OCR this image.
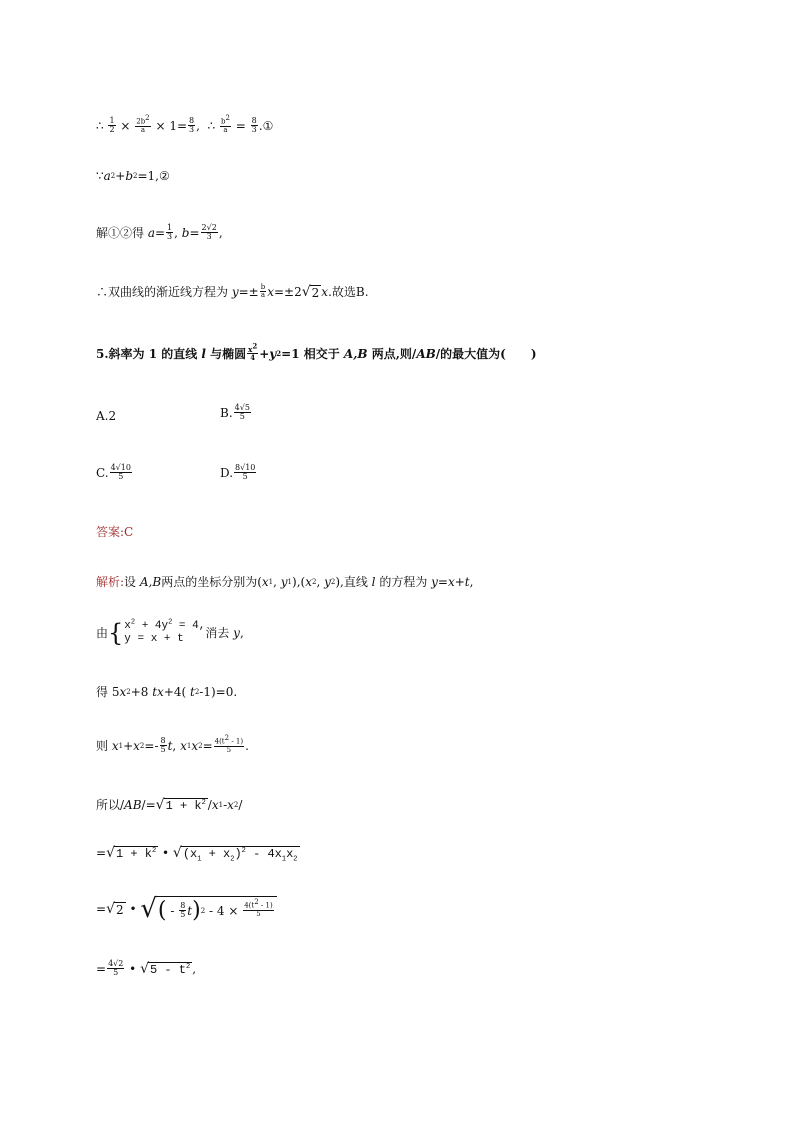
∴ $\frac{1}{2} \times \frac{2b^2}{a} \times 1= \frac{8}{3}$ ,  ∴ $\frac{b^2}{a} = \frac{8}{3}$ .①
∵ a 2 + b 2 =1,②
解①②得 $a = \frac{1}{3}$ , $b = \frac{2√2}{3}$ ,
∴双曲线的渐近线方程为 $y =\pm \frac{b}{a}$ x =±2 √ 2 x .故选B.
5.斜率为 1 的直线 l 与椭圆 $\frac{x^2}{4} + y$ 2 =1 相交于 A,B 两点,则/ AB /的最大值为(      )
A.2	B. $\frac{4√5}{5}$
C. $\frac{4√10}{5}$	D. $\frac{8√10}{5}$
答案:C
解析: 设 A,B 两点的坐标分别为( x 1 , y 1 ),( x 2 , y 2 ),直线 l 的方程为 y=x+t ,
由 { $x^2 + 4y^2 = 4$,
y = x + t	消去 y ,
得 5 x 2 +8 tx +4( t 2 -1)=0.
则 x 1 + x $2 =- \frac{8}{5}$ t , x 1 x $2 = \frac{4(t^2 - 1)}{5}$ .
所以/ AB /= √ $1 + k^2 / x$ 1 - x 2 /
= √ $1 + k^2$ • √ $(x_1 + x_2)^2 - 4x_1x_2$
= √ 2 • √ ( - $\frac{8}{5}$ t ) $2 - 4 \times \frac{4(t^2 - 1)}{5}$
= $\frac{4√2}{5}$ • √ $5 - t^2$ ,
